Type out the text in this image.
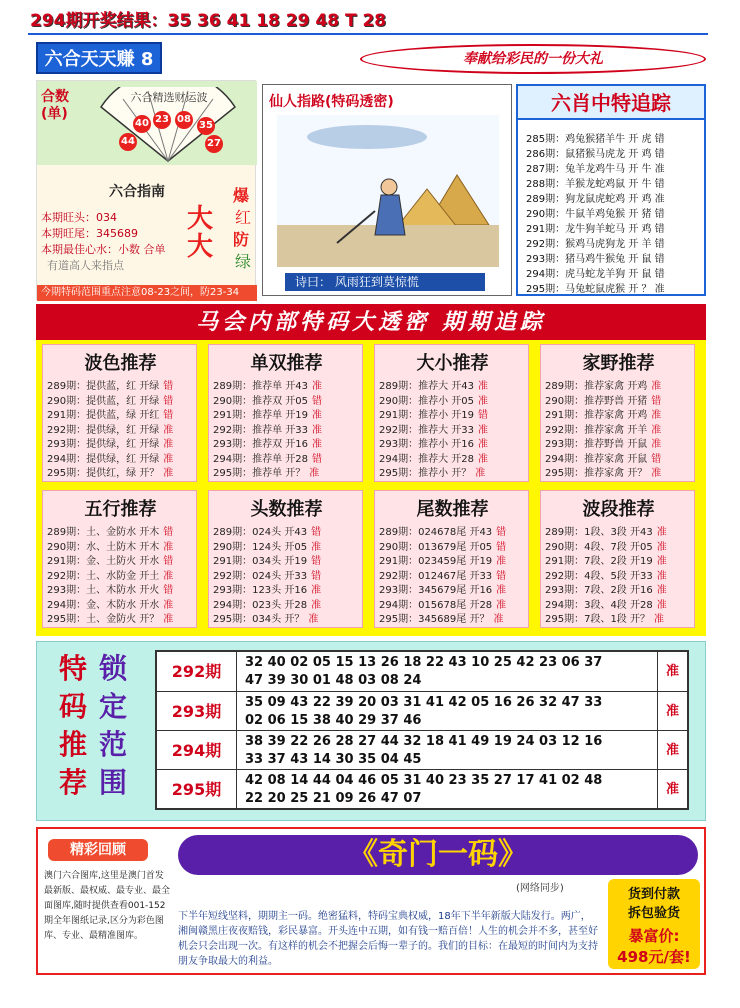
294期开奖结果：35 36 41 18 29 48 T 28
六合天天赚 8	奉献给彩民的一份大礼
合数(单)
六合精选财运波
40 23 08
35
44	27
六合指南
本期旺头：034
本期旺尾：345689
本期最佳心水：小数 合单
有道高人来指点
大大
爆
红
防
绿
今期特码范围重点注意08-23之间，防23-34
仙人指路(特码透密)
诗曰： 风雨狂到莫惊慌
六肖中特追踪
285期：鸡兔猴猪羊牛 开 虎 错
286期：鼠猪猴马虎龙 开 鸡 错
287期：兔羊龙鸡牛马 开 牛 准
288期：羊猴龙蛇鸡鼠 开 牛 错
289期：狗龙鼠虎蛇鸡 开 鸡 准
290期：牛鼠羊鸡兔猴 开 猪 错
291期：龙牛狗羊蛇马 开 鸡 错
292期：猴鸡马虎狗龙 开 羊 错
293期：猪马鸡牛猴兔 开 鼠 错
294期：虎马蛇龙羊狗 开 鼠 错
295期：马兔蛇鼠虎猴 开 ？ 准
马会内部特码大透密 期期追踪
波色推荐
289期：提供蓝，红 开绿 错
290期：提供蓝，红 开绿 错
291期：提供蓝，绿 开红 错
292期：提供绿，红 开绿 准
293期：提供绿，红 开绿 准
294期：提供绿，红 开绿 准
295期：提供红，绿 开？ 准
单双推荐
289期：推荐单 开43 准
290期：推荐双 开05 错
291期：推荐单 开19 准
292期：推荐单 开33 准
293期：推荐双 开16 准
294期：推荐单 开28 错
295期：推荐单 开？ 准
大小推荐
289期：推荐大 开43 准
290期：推荐小 开05 准
291期：推荐小 开19 错
292期：推荐大 开33 准
293期：推荐小 开16 准
294期：推荐大 开28 准
295期：推荐小 开？ 准
家野推荐
289期：推荐家禽 开鸡 准
290期：推荐野兽 开猪 错
291期：推荐家禽 开鸡 准
292期：推荐家禽 开羊 准
293期：推荐野兽 开鼠 准
294期：推荐家禽 开鼠 错
295期：推荐家禽 开？ 准
五行推荐
289期：土、金防水 开木 错
290期：水、土防木 开木 准
291期：金、土防火 开水 错
292期：土、水防金 开土 准
293期：土、木防水 开火 错
294期：金、木防水 开水 准
295期：土、金防火 开？ 准
头数推荐
289期：024头 开43 错
290期：124头 开05 准
291期：034头 开19 错
292期：024头 开33 错
293期：123头 开16 准
294期：023头 开28 准
295期：034头 开？ 准
尾数推荐
289期：024678尾 开43 错
290期：013679尾 开05 错
291期：023459尾 开19 准
292期：012467尾 开33 错
293期：345679尾 开16 准
294期：015678尾 开28 准
295期：345689尾 开？ 准
波段推荐
289期：1段、3段 开43 准
290期：4段、7段 开05 准
291期：7段、2段 开19 准
292期：4段、5段 开33 准
293期：7段、2段 开16 准
294期：3段、4段 开28 准
295期：7段、1段 开？ 准
特
码
推
荐
锁
定
范
围
292期	32 40 02 05 15 13 26 18 22 43 10 25 42 23 06 37
47 39 30 01 48 03 08 24
准
293期	35 09 43 22 39 20 03 31 41 42 05 16 26 32 47 33
02 06 15 38 40 29 37 46
准
294期	38 39 22 26 28 27 44 32 18 41 49 19 24 03 12 16
33 37 43 14 30 35 04 45
准
295期	42 08 14 44 04 46 05 31 40 23 35 27 17 41 02 48
22 20 25 21 09 26 47 07
准
精彩回顾
澳门六合图库,这里是澳门首发最新版、最权威、最专业、最全面图库,随时提供查看001-152期全年图纸记录,区分为彩色图库、专业、最精准图库。
《奇门一码》
(网络同步)	货到付款
拆包验货
暴富价:
498元/套!
下半年短线坚料，期期主一码。绝密猛料，特码宝典权威，18年下半年新版大陆发行。两广，湘闽赣黑庄夜夜赔钱，彩民暴富。开头连中五期，如有钱一赔百倍！人生的机会并不多，甚至好机会只会出现一次。有这样的机会不把握会后悔一辈子的。我们的目标：在最短的时间内为支持朋友争取最大的利益。
